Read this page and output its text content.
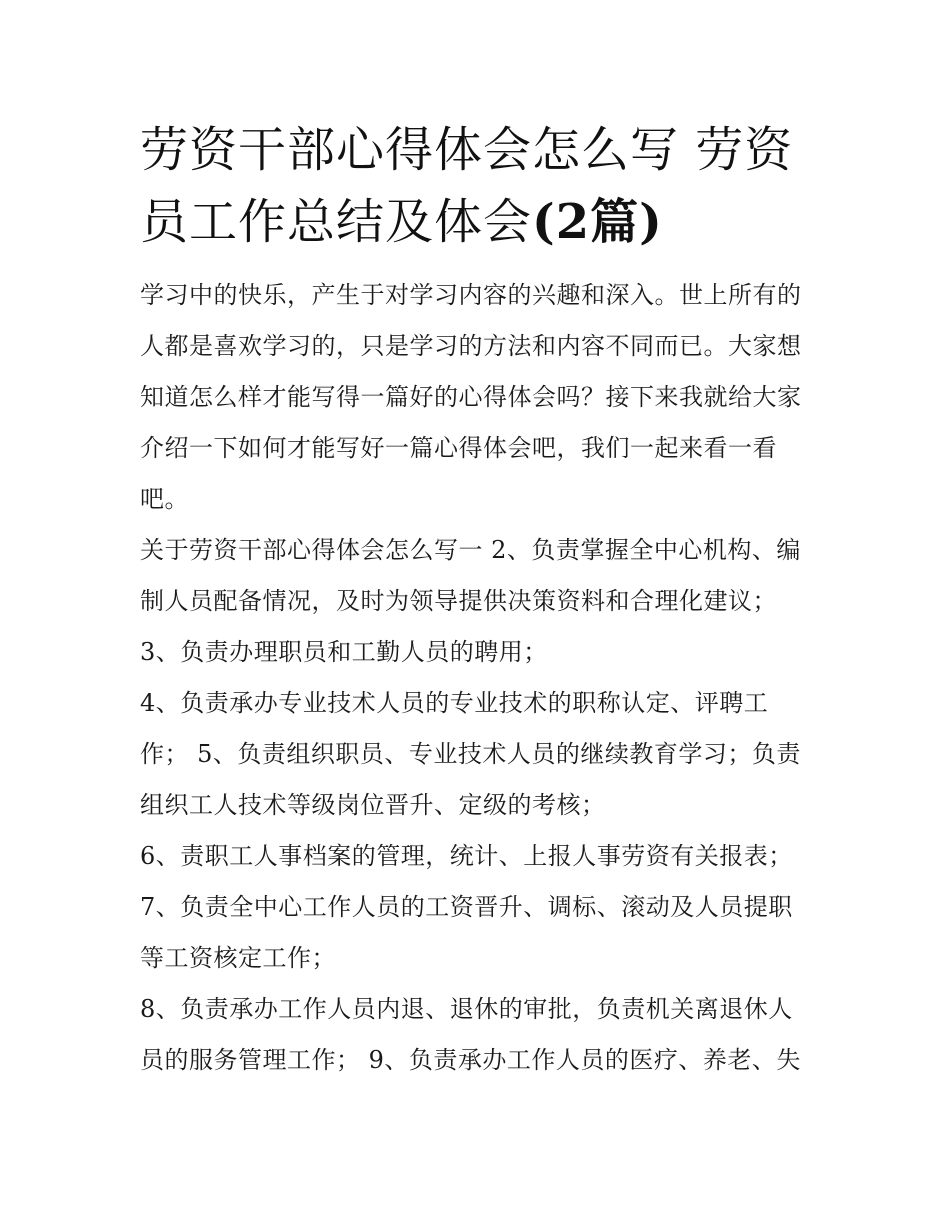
劳资干部心得体会怎么写 劳资员工作总结及体会(2篇)

学习中的快乐，产生于对学习内容的兴趣和深入。世上所有的人都是喜欢学习的，只是学习的方法和内容不同而已。大家想知道怎么样才能写得一篇好的心得体会吗？接下来我就给大家介绍一下如何才能写好一篇心得体会吧，我们一起来看一看吧。

关于劳资干部心得体会怎么写一 2、负责掌握全中心机构、编制人员配备情况，及时为领导提供决策资料和合理化建议；

3、负责办理职员和工勤人员的聘用；

4、负责承办专业技术人员的专业技术的职称认定、评聘工作； 5、负责组织职员、专业技术人员的继续教育学习；负责组织工人技术等级岗位晋升、定级的考核；

6、责职工人事档案的管理，统计、上报人事劳资有关报表；

7、负责全中心工作人员的工资晋升、调标、滚动及人员提职等工资核定工作；

8、负责承办工作人员内退、退休的审批，负责机关离退休人员的服务管理工作； 9、负责承办工作人员的医疗、养老、失
